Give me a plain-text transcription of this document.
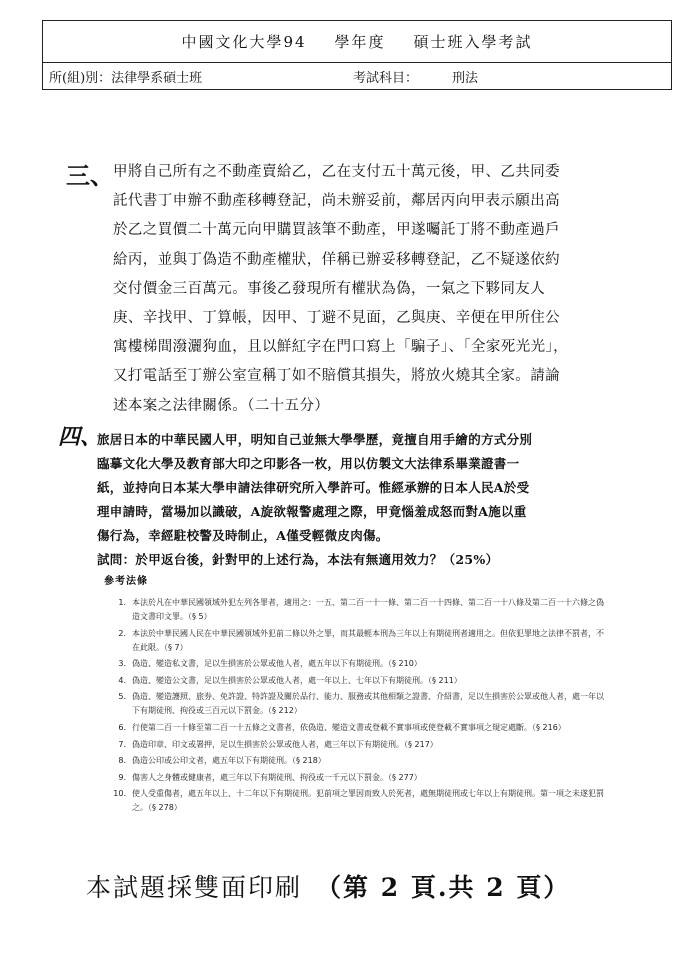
中國文化大學94 學年度 碩士班入學考試
所(組)別：法律學系碩士班	考試科目：	刑法
三、 甲將自己所有之不動產賣給乙，乙在支付五十萬元後，甲、乙共同委
託代書丁申辦不動產移轉登記，尚未辦妥前，鄰居丙向甲表示願出高
於乙之買價二十萬元向甲購買該筆不動產，甲遂囑託丁將不動產過戶
給丙，並與丁偽造不動產權狀，佯稱已辦妥移轉登記，乙不疑遂依約
交付價金三百萬元。事後乙發現所有權狀為偽，一氣之下夥同友人
庚、辛找甲、丁算帳，因甲、丁避不見面，乙與庚、辛便在甲所住公
寓樓梯間潑灑狗血，且以鮮紅字在門口寫上「騙子」、「全家死光光」，
又打電話至丁辦公室宣稱丁如不賠償其損失，將放火燒其全家。請論
述本案之法律關係。（二十五分）
四、
旅居日本的中華民國人甲，明知自己並無大學學歷，竟擅自用手繪的方式分別
臨摹文化大學及教育部大印之印影各一枚，用以仿製文大法律系畢業證書一
紙，並持向日本某大學申請法律研究所入學許可。惟經承辦的日本人民A於受
理申請時，當場加以識破，A旋欲報警處理之際，甲竟惱羞成怒而對A施以重
傷行為，幸經駐校警及時制止，A僅受輕微皮肉傷。
試問：於甲返台後，針對甲的上述行為，本法有無適用效力？（25%）
參考法條
1. 本法於凡在中華民國領域外犯左列各罪者，適用之：一五、第二百一十一條、第二百一十四條、第二百一十八條及第二百一十六條之偽造文書印文罪。（§ 5）
2. 本法於中華民國人民在中華民國領域外犯前二條以外之罪，而其最輕本刑為三年以上有期徒刑者適用之。但依犯罪地之法律不罰者，不在此限。（§ 7）
3. 偽造、變造私文書，足以生損害於公眾或他人者，處五年以下有期徒刑。（§ 210）
4. 偽造、變造公文書，足以生損害於公眾或他人者，處一年以上、七年以下有期徒刑。（§ 211）
5. 偽造、變造護照、旅券、免許證、特許證及關於品行、能力、服務或其他相類之證書、介紹書，足以生損害於公眾或他人者，處一年以下有期徒刑、拘役或三百元以下罰金。（§ 212）
6. 行使第二百一十條至第二百一十五條之文書者，依偽造、變造文書或登載不實事項或使登載不實事項之規定處斷。（§ 216）
7. 偽造印章、印文或署押，足以生損害於公眾或他人者，處三年以下有期徒刑。（§ 217）
8. 偽造公印或公印文者，處五年以下有期徒刑。（§ 218）
9. 傷害人之身體或健康者，處三年以下有期徒刑、拘役或一千元以下罰金。（§ 277）
10. 使人受重傷者，處五年以上、十二年以下有期徒刑。犯前項之罪因而致人於死者，處無期徒刑或七年以上有期徒刑。第一項之未遂犯罰之。（§ 278）
本試題採雙面印刷 （第 2 頁.共 2 頁）
